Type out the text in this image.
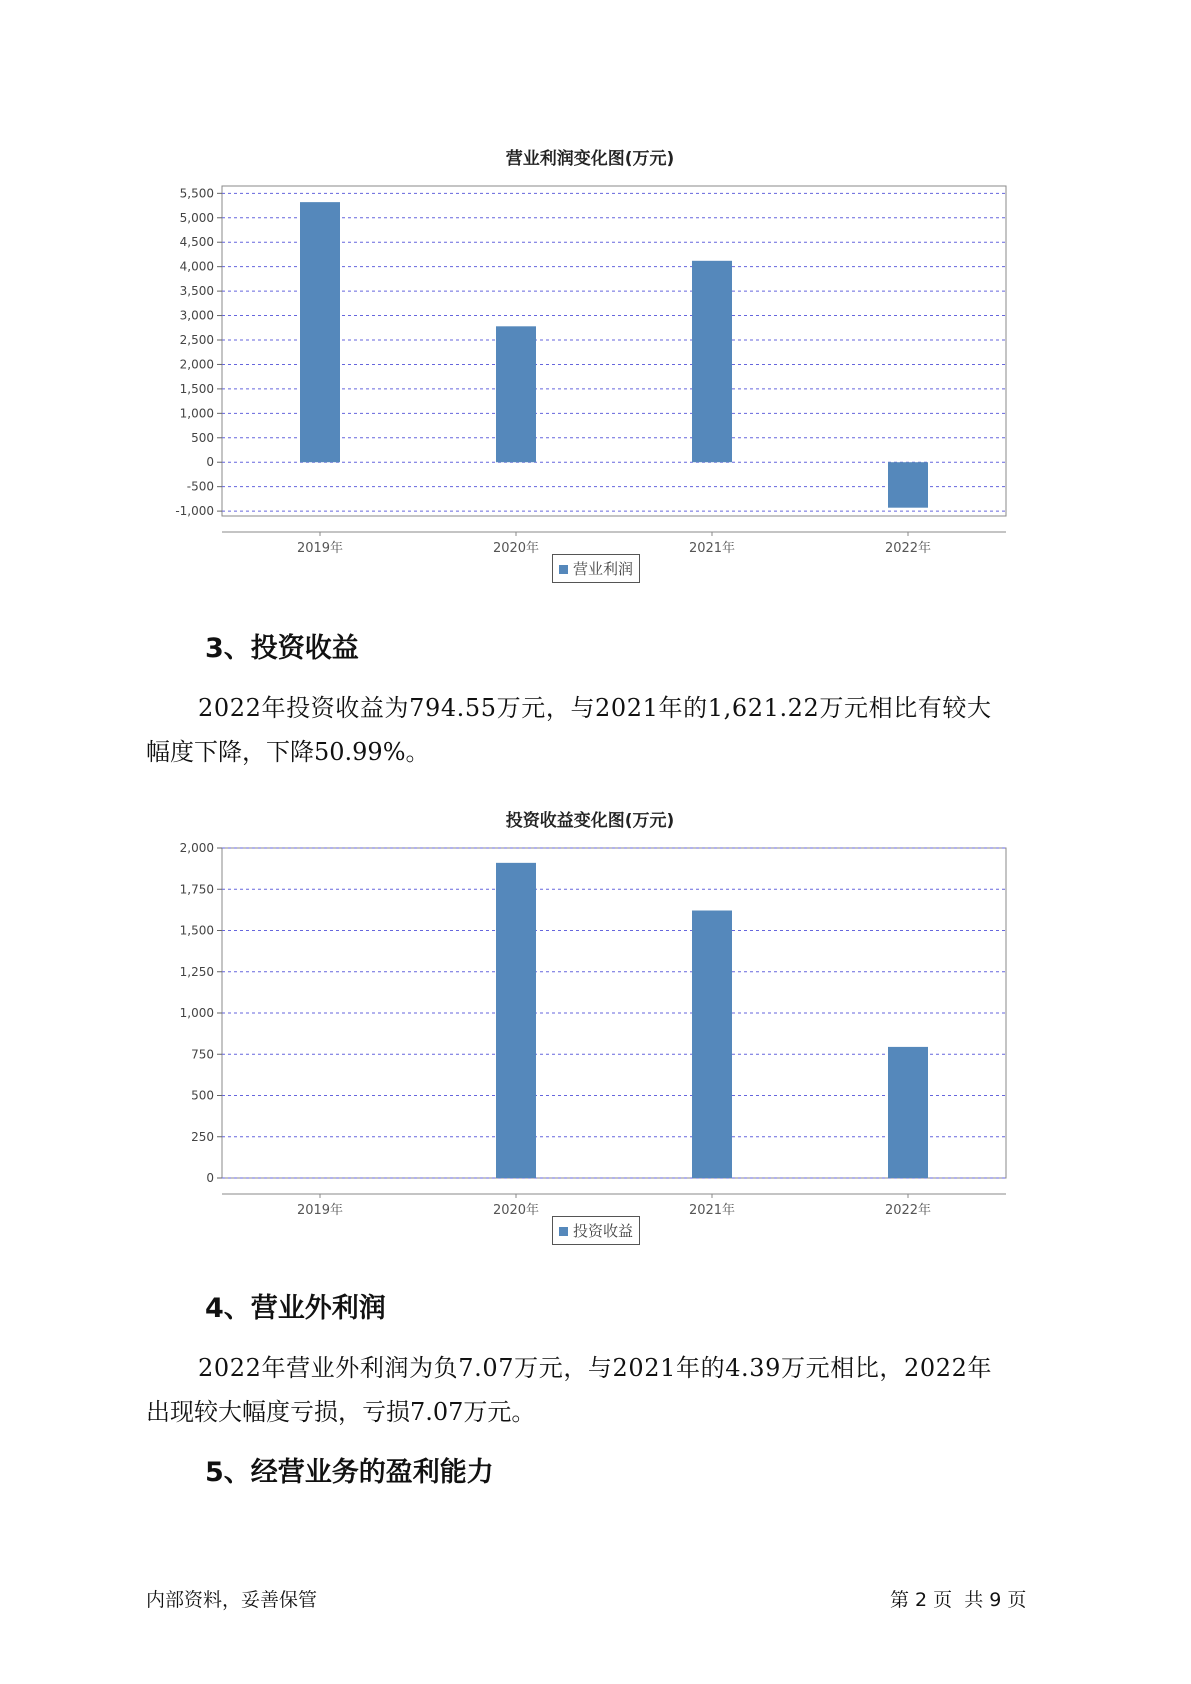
营业利润变化图(万元)
-1,000
-500
0
500
1,000
1,500
2,000
2,500
3,000
3,500
4,000
4,500
5,000
5,500
2019年	2020年	2021年	2022年
营业利润
3、投资收益
2022年投资收益为794.55万元，与2021年的1,621.22万元相比有较大
幅度下降，下降50.99%。
投资收益变化图(万元)
0
250
500
750
1,000
1,250
1,500
1,750
2,000
2019年	2020年	2021年	2022年
投资收益
4、营业外利润
2022年营业外利润为负7.07万元，与2021年的4.39万元相比，2022年
出现较大幅度亏损，亏损7.07万元。
5、经营业务的盈利能力
内部资料，妥善保管	第 2 页  共 9 页
